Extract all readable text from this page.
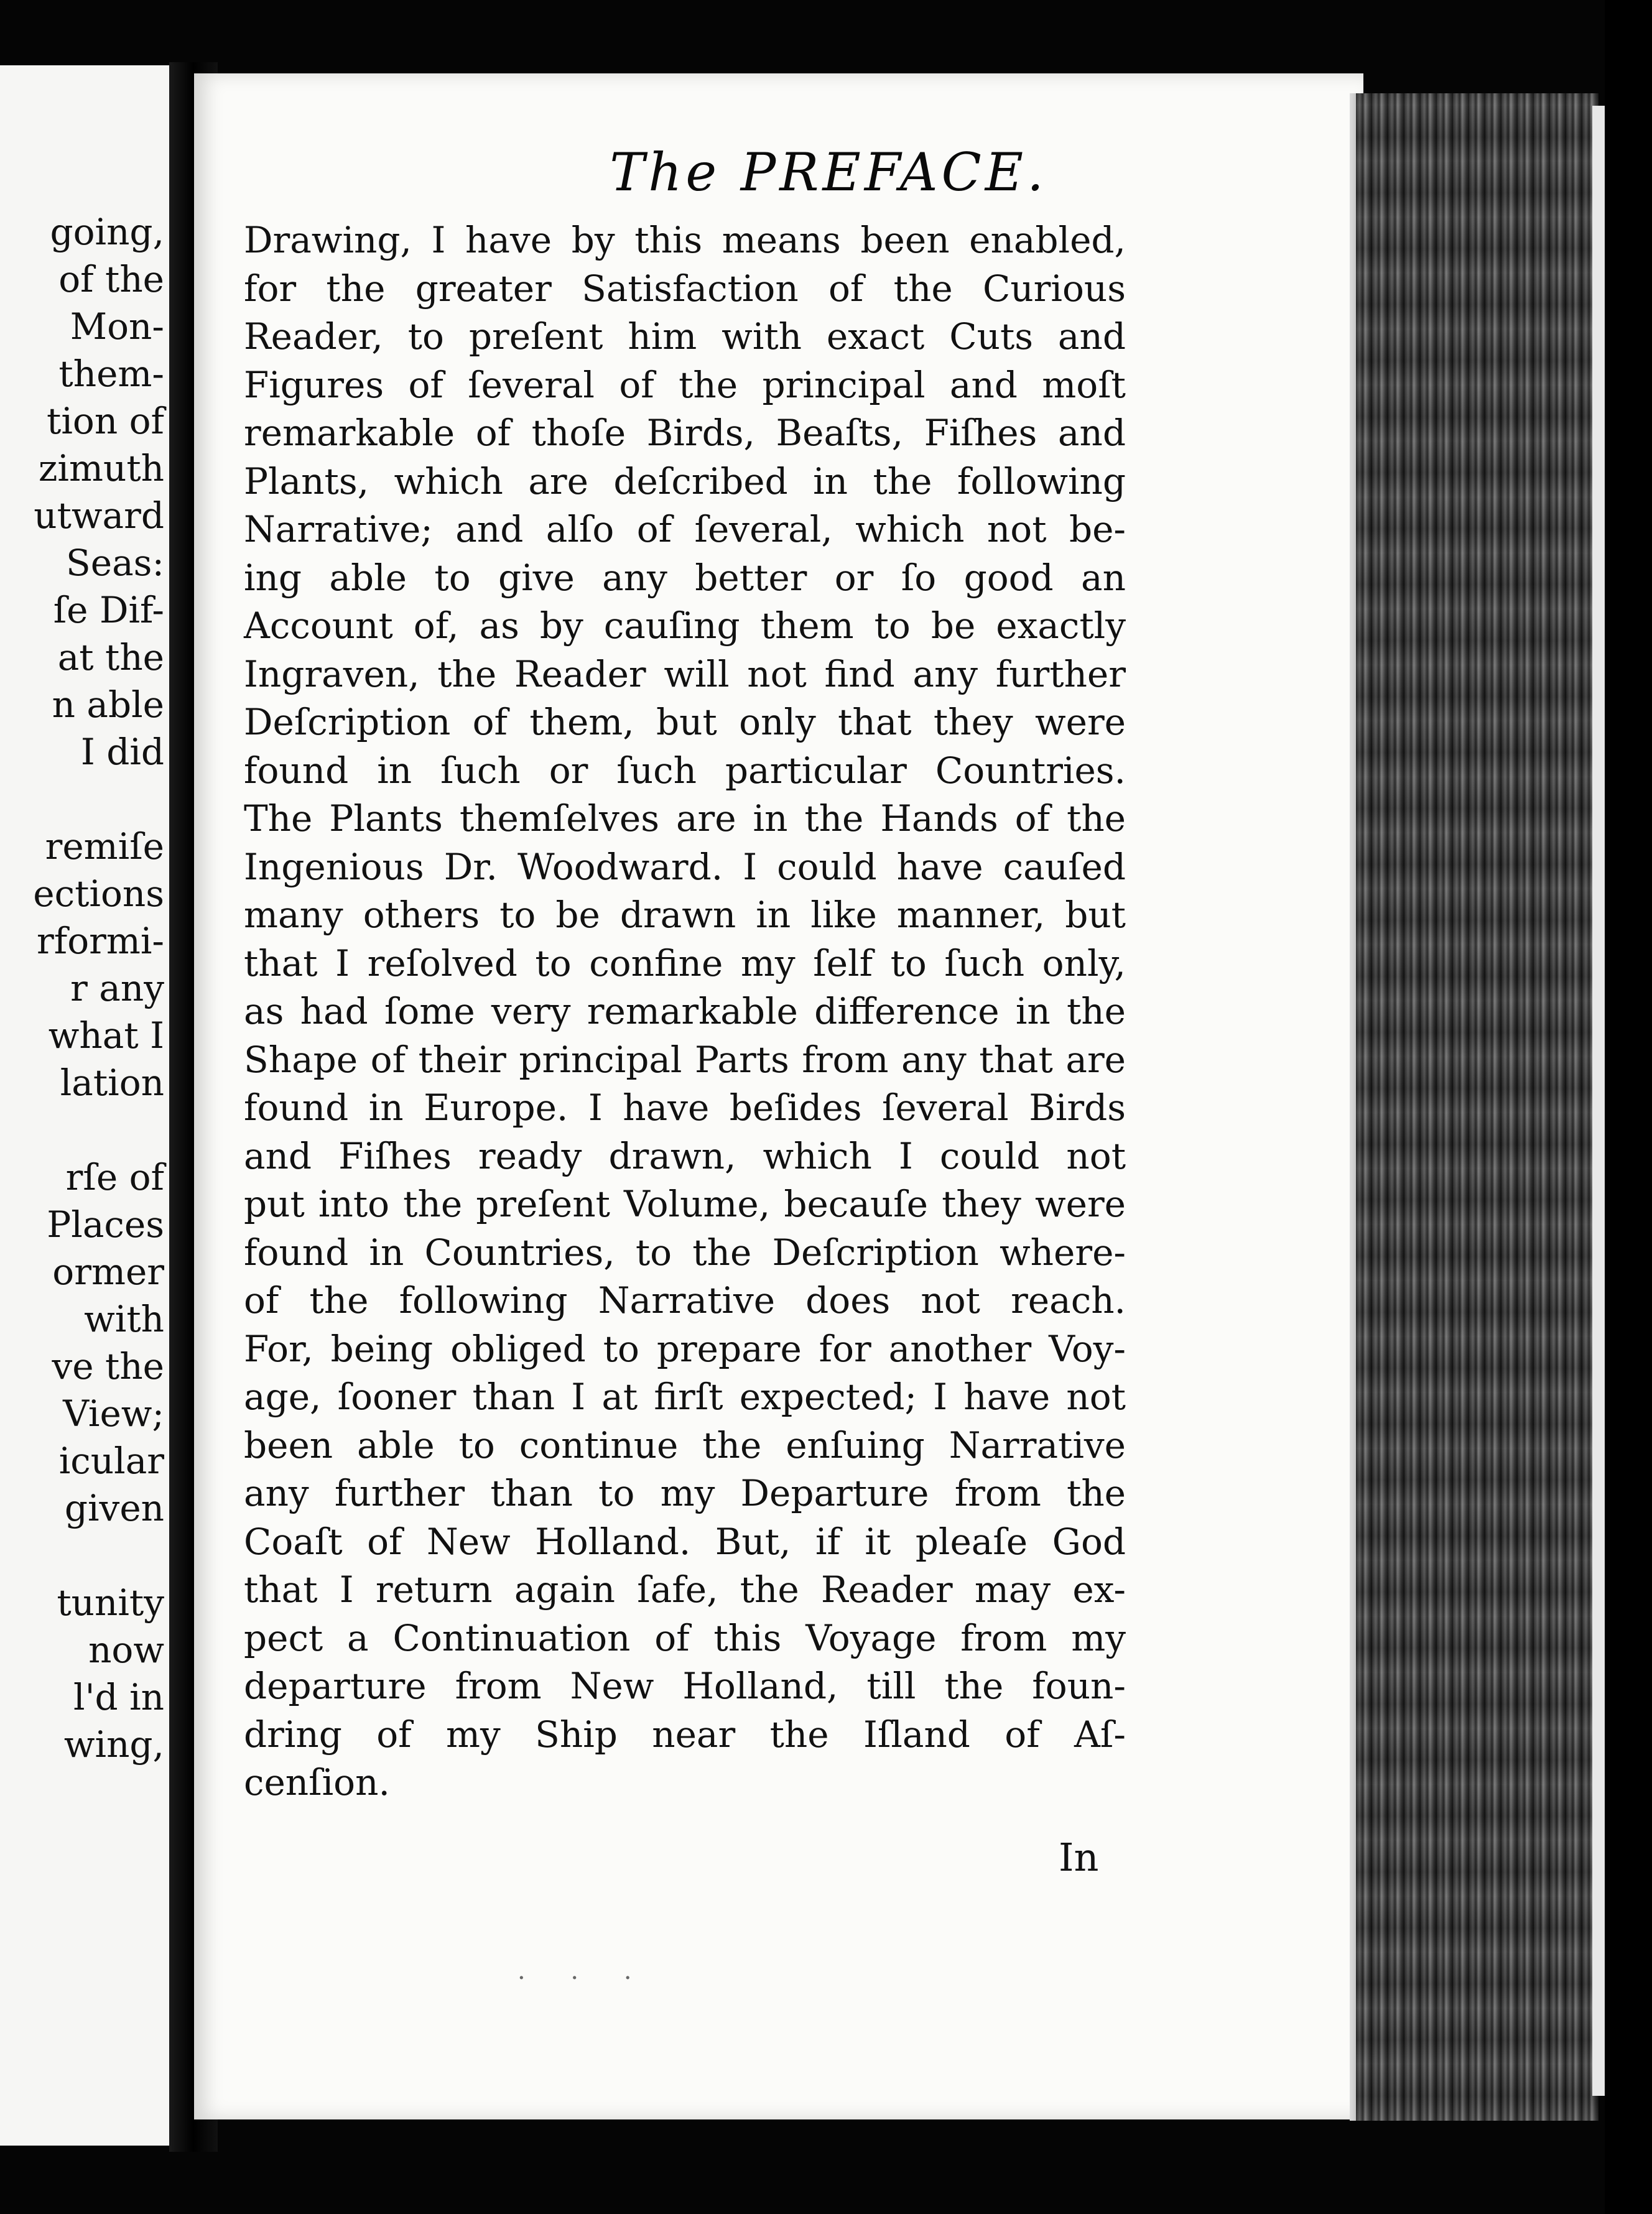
going,
of the
Mon-
them-
tion of
zimuth
utward
Seas:
ſe Dif-
at the
n able
I did
remiſe
ections
rformi-
r any
what I
lation
rſe of
Places
ormer
with
ve the
View;
icular
given
tunity
now
l'd in
wing,
The PREFACE.
Drawing, I have by this means been enabled,
for the greater Satisfaction of the Curious
Reader, to preſent him with exact Cuts and
Figures of ſeveral of the principal and moſt
remarkable of thoſe Birds, Beaſts, Fiſhes and
Plants, which are deſcribed in the following
Narrative; and alſo of ſeveral, which not be-
ing able to give any better or ſo good an
Account of, as by cauſing them to be exactly
Ingraven, the Reader will not find any further
Deſcription of them, but only that they were
found in ſuch or ſuch particular Countries.
The Plants themſelves are in the Hands of the
Ingenious Dr. Woodward. I could have cauſed
many others to be drawn in like manner, but
that I reſolved to confine my ſelf to ſuch only,
as had ſome very remarkable difference in the
Shape of their principal Parts from any that are
found in Europe. I have beſides ſeveral Birds
and Fiſhes ready drawn, which I could not
put into the preſent Volume, becauſe they were
found in Countries, to the Deſcription where-
of the following Narrative does not reach.
For, being obliged to prepare for another Voy-
age, ſooner than I at firſt expected; I have not
been able to continue the enſuing Narrative
any further than to my Departure from the
Coaſt of New Holland. But, if it pleaſe God
that I return again ſafe, the Reader may ex-
pect a Continuation of this Voyage from my
departure from New Holland, till the foun-
dring of my Ship near the Iſland of Aſ-
cenſion.
In
· · ·
